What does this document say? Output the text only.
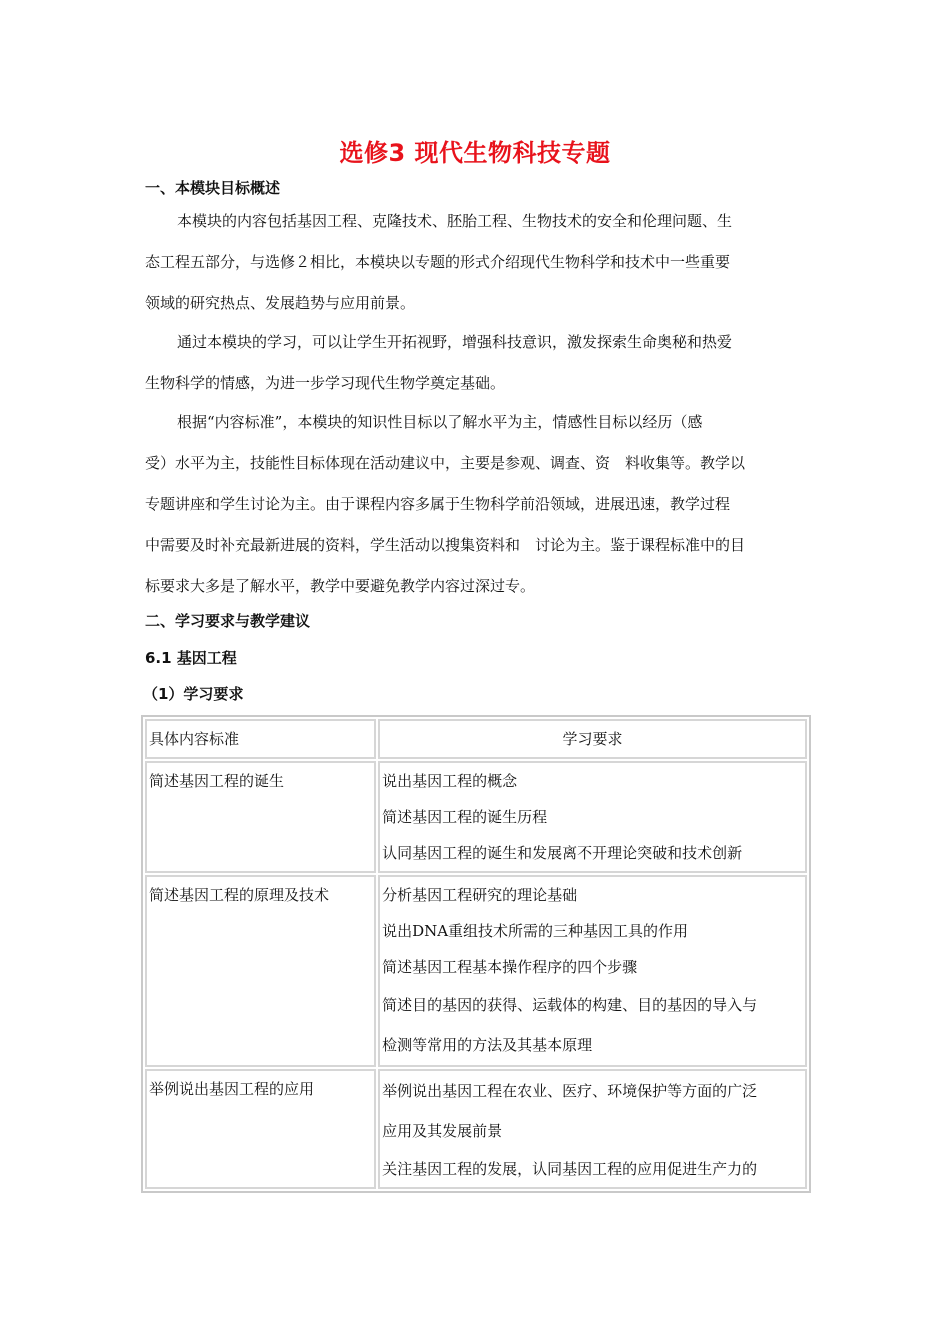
选修3 现代生物科技专题
一、本模块目标概述
本模块的内容包括基因工程、克隆技术、胚胎工程、生物技术的安全和伦理问题、生
态工程五部分，与选修２相比，本模块以专题的形式介绍现代生物科学和技术中一些重要
领域的研究热点、发展趋势与应用前景。
通过本模块的学习，可以让学生开拓视野，增强科技意识，激发探索生命奥秘和热爱
生物科学的情感，为进一步学习现代生物学奠定基础。
根据“内容标准”，本模块的知识性目标以了解水平为主，情感性目标以经历（感
受）水平为主，技能性目标体现在活动建议中，主要是参观、调查、资　料收集等。教学以
专题讲座和学生讨论为主。由于课程内容多属于生物科学前沿领域，进展迅速，教学过程
中需要及时补充最新进展的资料，学生活动以搜集资料和　讨论为主。鉴于课程标准中的目
标要求大多是了解水平，教学中要避免教学内容过深过专。
二、学习要求与教学建议
6.1 基因工程
（1）学习要求
具体内容标准	学习要求

简述基因工程的诞生	说出基因工程的概念
简述基因工程的诞生历程
认同基因工程的诞生和发展离不开理论突破和技术创新

简述基因工程的原理及技术	分析基因工程研究的理论基础
说出DNA重组技术所需的三种基因工具的作用
简述基因工程基本操作程序的四个步骤
简述目的基因的获得、运载体的构建、目的基因的导入与
检测等常用的方法及其基本原理

举例说出基因工程的应用	举例说出基因工程在农业、医疗、环境保护等方面的广泛
应用及其发展前景
关注基因工程的发展，认同基因工程的应用促进生产力的
